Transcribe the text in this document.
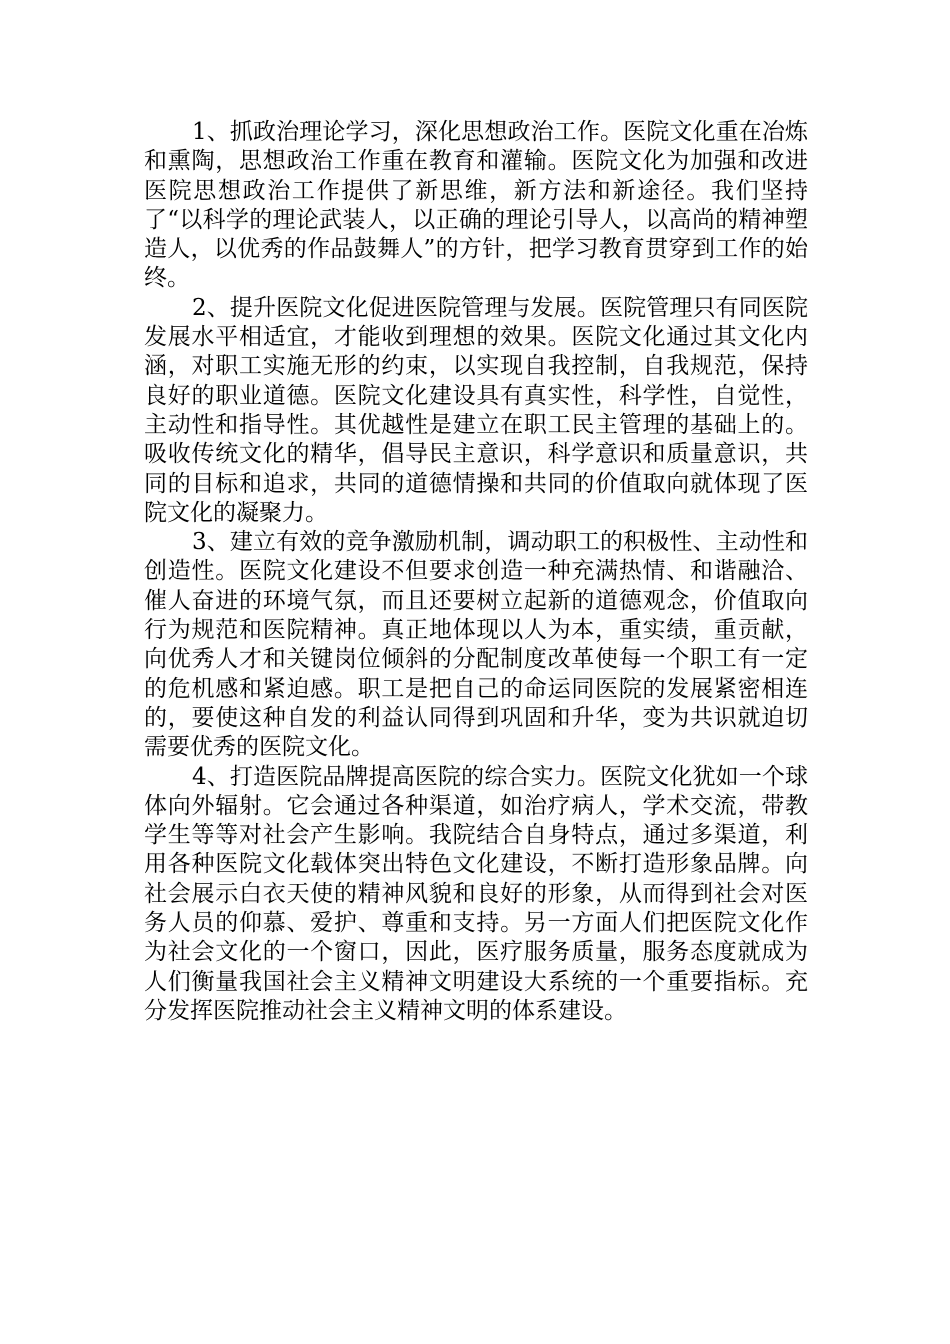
1、抓政治理论学习，深化思想政治工作。医院文化重在冶炼和熏陶，思想政治工作重在教育和灌输。医院文化为加强和改进医院思想政治工作提供了新思维，新方法和新途径。我们坚持了“以科学的理论武装人，以正确的理论引导人，以高尚的精神塑造人，以优秀的作品鼓舞人”的方针，把学习教育贯穿到工作的始终。

2、提升医院文化促进医院管理与发展。医院管理只有同医院发展水平相适宜，才能收到理想的效果。医院文化通过其文化内涵，对职工实施无形的约束，以实现自我控制，自我规范，保持良好的职业道德。医院文化建设具有真实性，科学性，自觉性，主动性和指导性。其优越性是建立在职工民主管理的基础上的。吸收传统文化的精华，倡导民主意识，科学意识和质量意识，共同的目标和追求，共同的道德情操和共同的价值取向就体现了医院文化的凝聚力。

3、建立有效的竞争激励机制，调动职工的积极性、主动性和创造性。医院文化建设不但要求创造一种充满热情、和谐融洽、催人奋进的环境气氛，而且还要树立起新的道德观念，价值取向行为规范和医院精神。真正地体现以人为本，重实绩，重贡献，向优秀人才和关键岗位倾斜的分配制度改革使每一个职工有一定的危机感和紧迫感。职工是把自己的命运同医院的发展紧密相连的，要使这种自发的利益认同得到巩固和升华，变为共识就迫切需要优秀的医院文化。

4、打造医院品牌提高医院的综合实力。医院文化犹如一个球体向外辐射。它会通过各种渠道，如治疗病人，学术交流，带教学生等等对社会产生影响。我院结合自身特点，通过多渠道，利用各种医院文化载体突出特色文化建设，不断打造形象品牌。向社会展示白衣天使的精神风貌和良好的形象，从而得到社会对医务人员的仰慕、爱护、尊重和支持。另一方面人们把医院文化作为社会文化的一个窗口，因此，医疗服务质量，服务态度就成为人们衡量我国社会主义精神文明建设大系统的一个重要指标。充分发挥医院推动社会主义精神文明的体系建设。
